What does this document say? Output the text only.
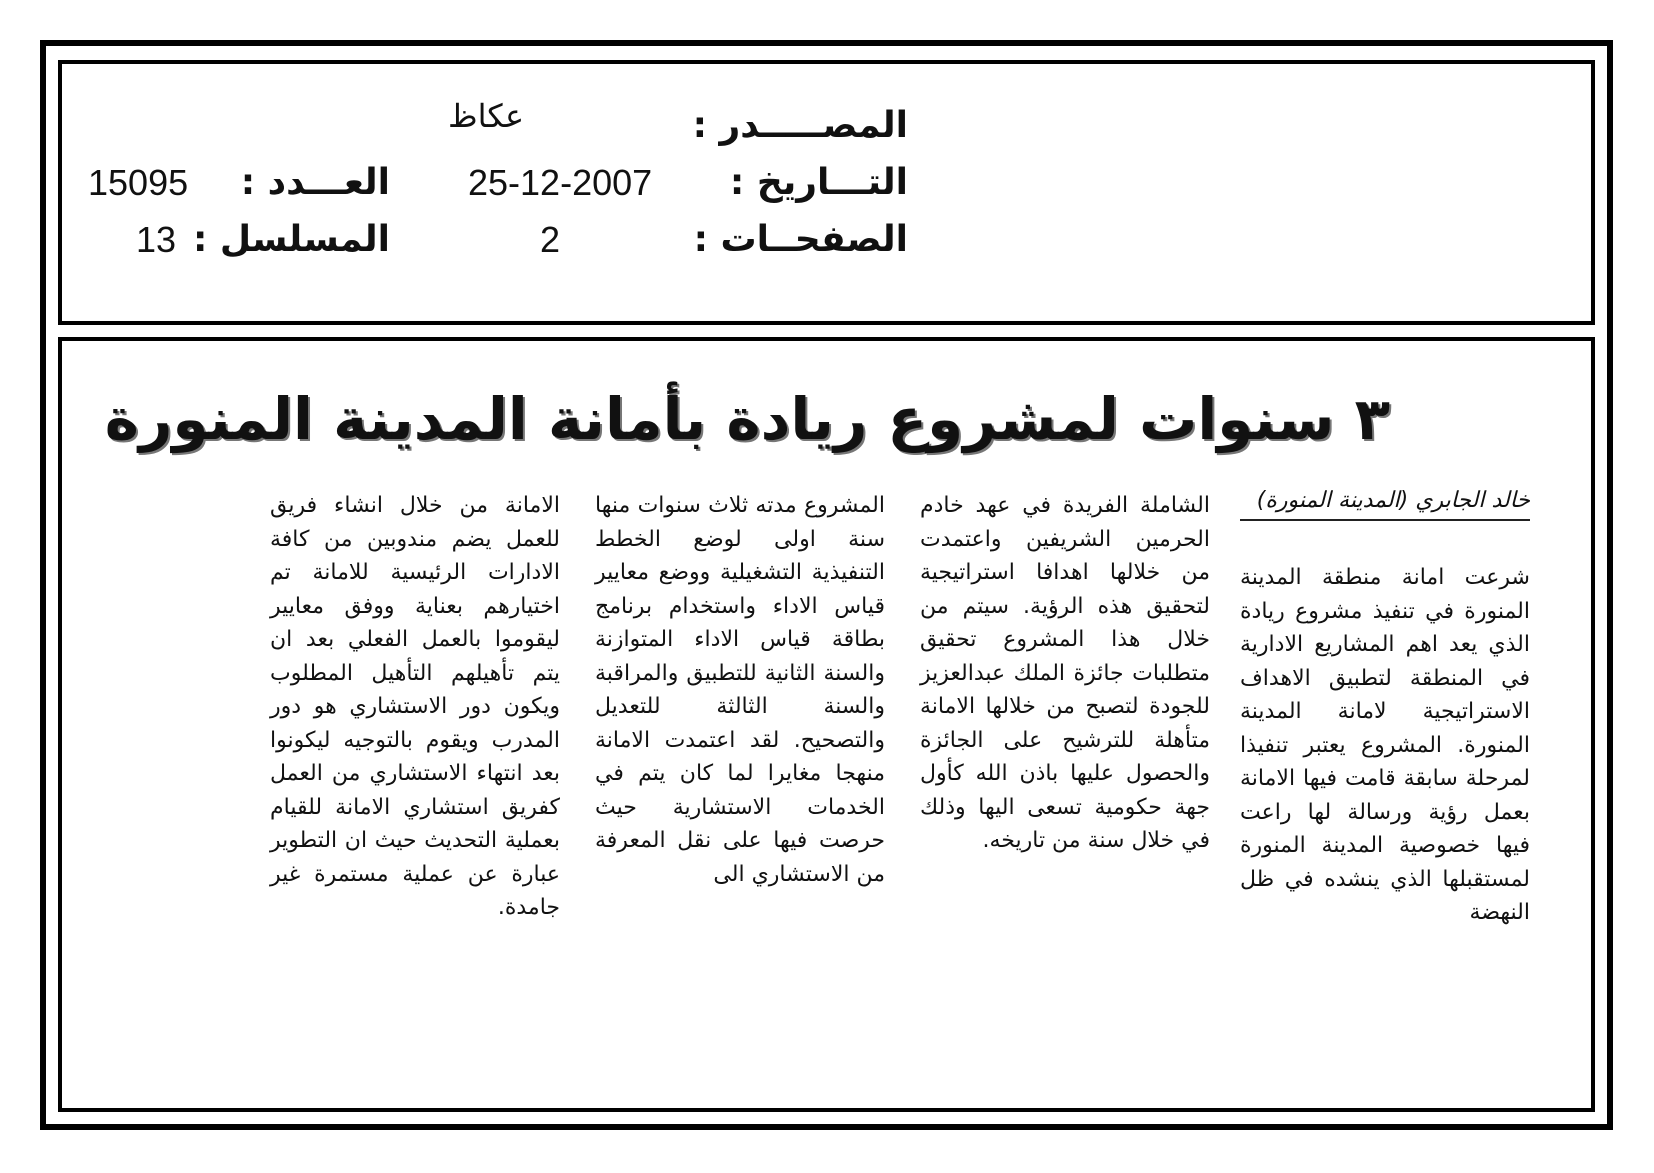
المصـــــدر :
عكاظ
التـــاريخ :
25-12-2007
الصفحــات :
2
العـــدد :
15095
المسلسل :
13
٣ سنوات لمشروع ريادة بأمانة المدينة المنورة
خالد الجابري (المدينة المنورة)

شرعت امانة منطقة المدينة المنورة في تنفيذ مشروع ريادة الذي يعد اهم المشاريع الادارية في المنطقة لتطبيق الاهداف الاستراتيجية لامانة المدينة المنورة. المشروع يعتبر تنفيذا لمرحلة سابقة قامت فيها الامانة بعمل رؤية ورسالة لها راعت فيها خصوصية المدينة المنورة لمستقبلها الذي ينشده في ظل النهضة

الشاملة الفريدة في عهد خادم الحرمين الشريفين واعتمدت من خلالها اهدافا استراتيجية لتحقيق هذه الرؤية. سيتم من خلال هذا المشروع تحقيق متطلبات جائزة الملك عبدالعزيز للجودة لتصبح من خلالها الامانة متأهلة للترشيح على الجائزة والحصول عليها باذن الله كأول جهة حكومية تسعى اليها وذلك في خلال سنة من تاريخه.

المشروع مدته ثلاث سنوات منها سنة اولى لوضع الخطط التنفيذية التشغيلية ووضع معايير قياس الاداء واستخدام برنامج بطاقة قياس الاداء المتوازنة والسنة الثانية للتطبيق والمراقبة والسنة الثالثة للتعديل والتصحيح. لقد اعتمدت الامانة منهجا مغايرا لما كان يتم في الخدمات الاستشارية حيث حرصت فيها على نقل المعرفة من الاستشاري الى

الامانة من خلال انشاء فريق للعمل يضم مندوبين من كافة الادارات الرئيسية للامانة تم اختيارهم بعناية ووفق معايير ليقوموا بالعمل الفعلي بعد ان يتم تأهيلهم التأهيل المطلوب ويكون دور الاستشاري هو دور المدرب ويقوم بالتوجيه ليكونوا بعد انتهاء الاستشاري من العمل كفريق استشاري الامانة للقيام بعملية التحديث حيث ان التطوير عبارة عن عملية مستمرة غير جامدة.
